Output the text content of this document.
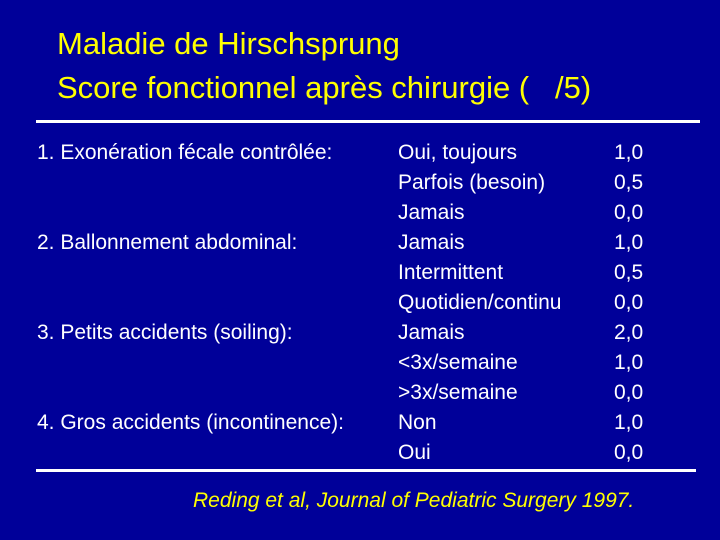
Maladie de Hirschsprung
Score fonctionnel après chirurgie (   /5)
1. Exonération fécale contrôlée:	Oui, toujours	1,0
Parfois (besoin)	0,5
Jamais	0,0
2. Ballonnement abdominal:	Jamais	1,0
Intermittent	0,5
Quotidien/continu	0,0
3. Petits accidents (soiling):	Jamais	2,0
<3x/semaine	1,0
>3x/semaine	0,0
4. Gros accidents (incontinence):	Non	1,0
Oui	0,0
Reding et al, Journal of Pediatric Surgery 1997.
